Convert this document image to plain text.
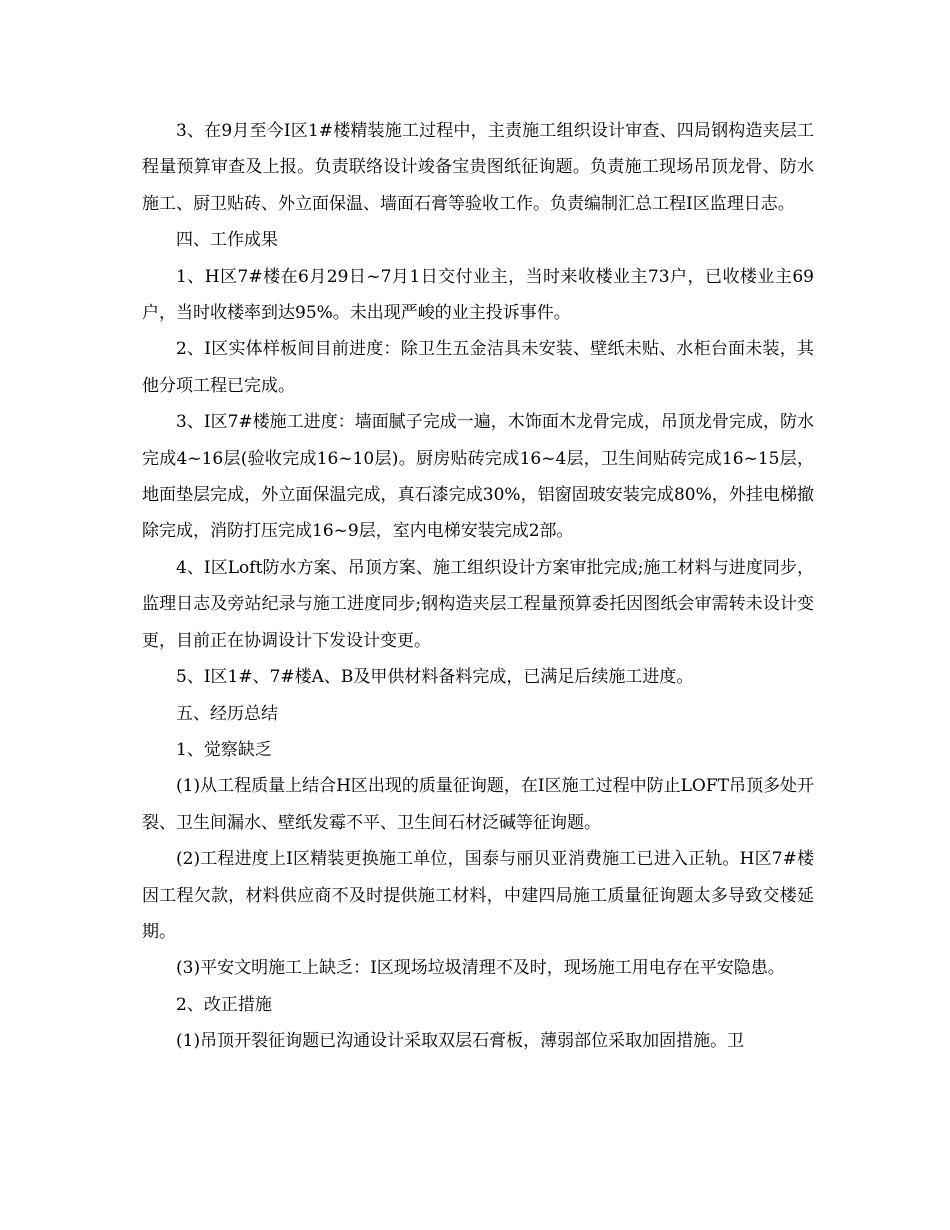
3、在9月至今I区1#楼精装施工过程中，主责施工组织设计审查、四局钢构造夹层工程量预算审查及上报。负责联络设计竣备宝贵图纸征询题。负责施工现场吊顶龙骨、防水施工、厨卫贴砖、外立面保温、墙面石膏等验收工作。负责编制汇总工程I区监理日志。

四、工作成果

1、H区7#楼在6月29日~7月1日交付业主，当时来收楼业主73户，已收楼业主69户，当时收楼率到达95%。未出现严峻的业主投诉事件。

2、I区实体样板间目前进度：除卫生五金洁具未安装、壁纸未贴、水柜台面未装，其他分项工程已完成。

3、I区7#楼施工进度：墙面腻子完成一遍，木饰面木龙骨完成，吊顶龙骨完成，防水完成4~16层(验收完成16~10层)。厨房贴砖完成16~4层，卫生间贴砖完成16~15层，地面垫层完成，外立面保温完成，真石漆完成30%，铝窗固玻安装完成80%，外挂电梯撤除完成，消防打压完成16~9层，室内电梯安装完成2部。

4、I区Loft防水方案、吊顶方案、施工组织设计方案审批完成;施工材料与进度同步，监理日志及旁站纪录与施工进度同步;钢构造夹层工程量预算委托因图纸会审需转未设计变更，目前正在协调设计下发设计变更。

5、I区1#、7#楼A、B及甲供材料备料完成，已满足后续施工进度。

五、经历总结

1、觉察缺乏

(1)从工程质量上结合H区出现的质量征询题，在I区施工过程中防止LOFT吊顶多处开裂、卫生间漏水、壁纸发霉不平、卫生间石材泛碱等征询题。

(2)工程进度上I区精装更换施工单位，国泰与丽贝亚消费施工已进入正轨。H区7#楼因工程欠款，材料供应商不及时提供施工材料，中建四局施工质量征询题太多导致交楼延期。

(3)平安文明施工上缺乏：I区现场垃圾清理不及时，现场施工用电存在平安隐患。

2、改正措施

(1)吊顶开裂征询题已沟通设计采取双层石膏板，薄弱部位采取加固措施。卫
